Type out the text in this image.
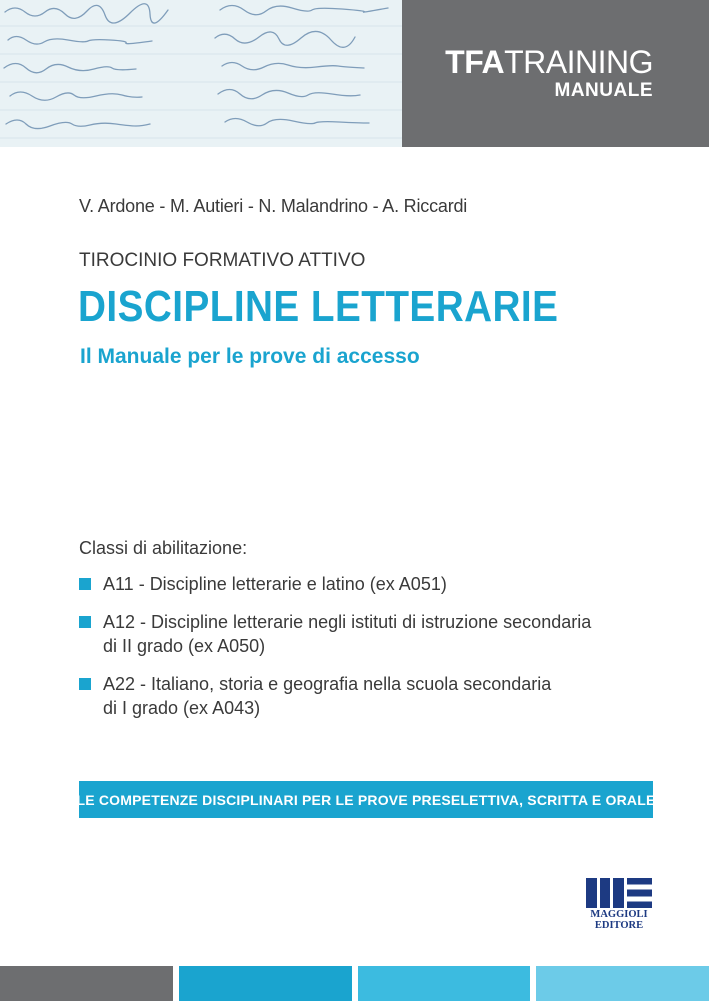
TFATRAINING
MANUALE
V. Ardone - M. Autieri - N. Malandrino - A. Riccardi
TIROCINIO FORMATIVO ATTIVO
DISCIPLINE LETTERARIE
Il Manuale per le prove di accesso
Classi di abilitazione:
A11 - Discipline letterarie e latino (ex A051)
A12 - Discipline letterarie negli istituti di istruzione secondaria
di II grado (ex A050)
A22 - Italiano, storia e geografia nella scuola secondaria
di I grado (ex A043)
LE COMPETENZE DISCIPLINARI PER LE PROVE PRESELETTIVA, SCRITTA E ORALE
MAGGIOLI
EDITORE
